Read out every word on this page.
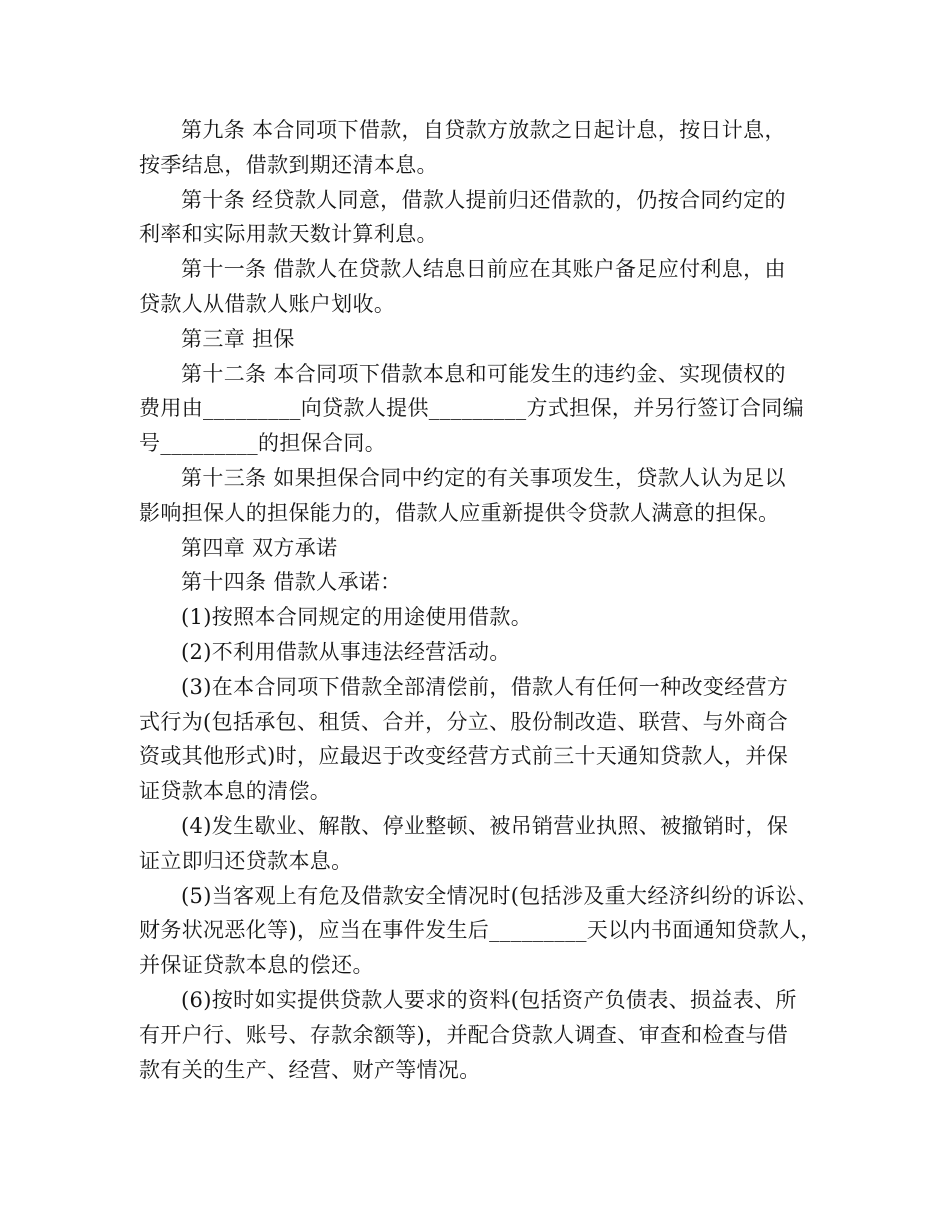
第九条 本合同项下借款，自贷款方放款之日起计息，按日计息，
按季结息，借款到期还清本息。
第十条 经贷款人同意，借款人提前归还借款的，仍按合同约定的
利率和实际用款天数计算利息。
第十一条 借款人在贷款人结息日前应在其账户备足应付利息，由
贷款人从借款人账户划收。
第三章 担保
第十二条 本合同项下借款本息和可能发生的违约金、实现债权的
费用由_________向贷款人提供_________方式担保，并另行签订合同编
号_________的担保合同。
第十三条 如果担保合同中约定的有关事项发生，贷款人认为足以
影响担保人的担保能力的，借款人应重新提供令贷款人满意的担保。
第四章 双方承诺
第十四条 借款人承诺：
(1)按照本合同规定的用途使用借款。
(2)不利用借款从事违法经营活动。
(3)在本合同项下借款全部清偿前，借款人有任何一种改变经营方
式行为(包括承包、租赁、合并，分立、股份制改造、联营、与外商合
资或其他形式)时，应最迟于改变经营方式前三十天通知贷款人，并保
证贷款本息的清偿。
(4)发生歇业、解散、停业整顿、被吊销营业执照、被撤销时，保
证立即归还贷款本息。
(5)当客观上有危及借款安全情况时(包括涉及重大经济纠纷的诉讼、
财务状况恶化等)，应当在事件发生后_________天以内书面通知贷款人，
并保证贷款本息的偿还。
(6)按时如实提供贷款人要求的资料(包括资产负债表、损益表、所
有开户行、账号、存款余额等)，并配合贷款人调查、审查和检查与借
款有关的生产、经营、财产等情况。
